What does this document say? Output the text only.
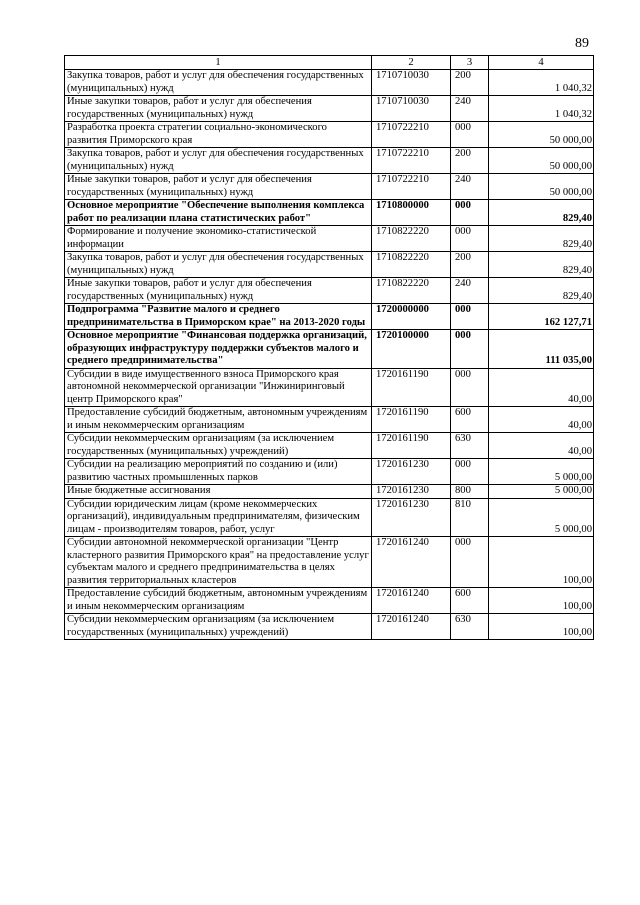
89
1	2	3	4
Закупка товаров, работ и услуг для обеспечения государственных (муниципальных) нужд	1710710030	200	1 040,32
Иные закупки товаров, работ и услуг для обеспечения государственных (муниципальных) нужд	1710710030	240	1 040,32
Разработка проекта стратегии социально-экономического развития Приморского края	1710722210	000	50 000,00
Закупка товаров, работ и услуг для обеспечения государственных (муниципальных) нужд	1710722210	200	50 000,00
Иные закупки товаров, работ и услуг для обеспечения государственных (муниципальных) нужд	1710722210	240	50 000,00
Основное мероприятие "Обеспечение выполнения комплекса работ по реализации плана статистических работ"	1710800000	000	829,40
Формирование и получение экономико-статистической информации	1710822220	000	829,40
Закупка товаров, работ и услуг для обеспечения государственных (муниципальных) нужд	1710822220	200	829,40
Иные закупки товаров, работ и услуг для обеспечения государственных (муниципальных) нужд	1710822220	240	829,40
Подпрограмма "Развитие малого и среднего предпринимательства в Приморском крае" на 2013-2020 годы	1720000000	000	162 127,71
Основное мероприятие "Финансовая поддержка организаций, образующих инфраструктуру поддержки субъектов малого и среднего предпринимательства"	1720100000	000	111 035,00
Субсидии в виде имущественного взноса Приморского края автономной некоммерческой организации "Инжиниринговый центр Приморского края"	1720161190	000	40,00
Предоставление субсидий бюджетным, автономным учреждениям и иным некоммерческим организациям	1720161190	600	40,00
Субсидии некоммерческим организациям (за исключением государственных (муниципальных) учреждений)	1720161190	630	40,00
Субсидии на реализацию мероприятий по созданию и (или) развитию частных промышленных парков	1720161230	000	5 000,00
Иные бюджетные ассигнования	1720161230	800	5 000,00
Субсидии юридическим лицам (кроме некоммерческих организаций), индивидуальным предпринимателям, физическим лицам - производителям товаров, работ, услуг	1720161230	810	5 000,00
Субсидии автономной некоммерческой организации "Центр кластерного развития Приморского края" на предоставление услуг субъектам малого и среднего предпринимательства в целях развития территориальных кластеров	1720161240	000	100,00
Предоставление субсидий бюджетным, автономным учреждениям и иным некоммерческим организациям	1720161240	600	100,00
Субсидии некоммерческим организациям (за исключением государственных (муниципальных) учреждений)	1720161240	630	100,00
